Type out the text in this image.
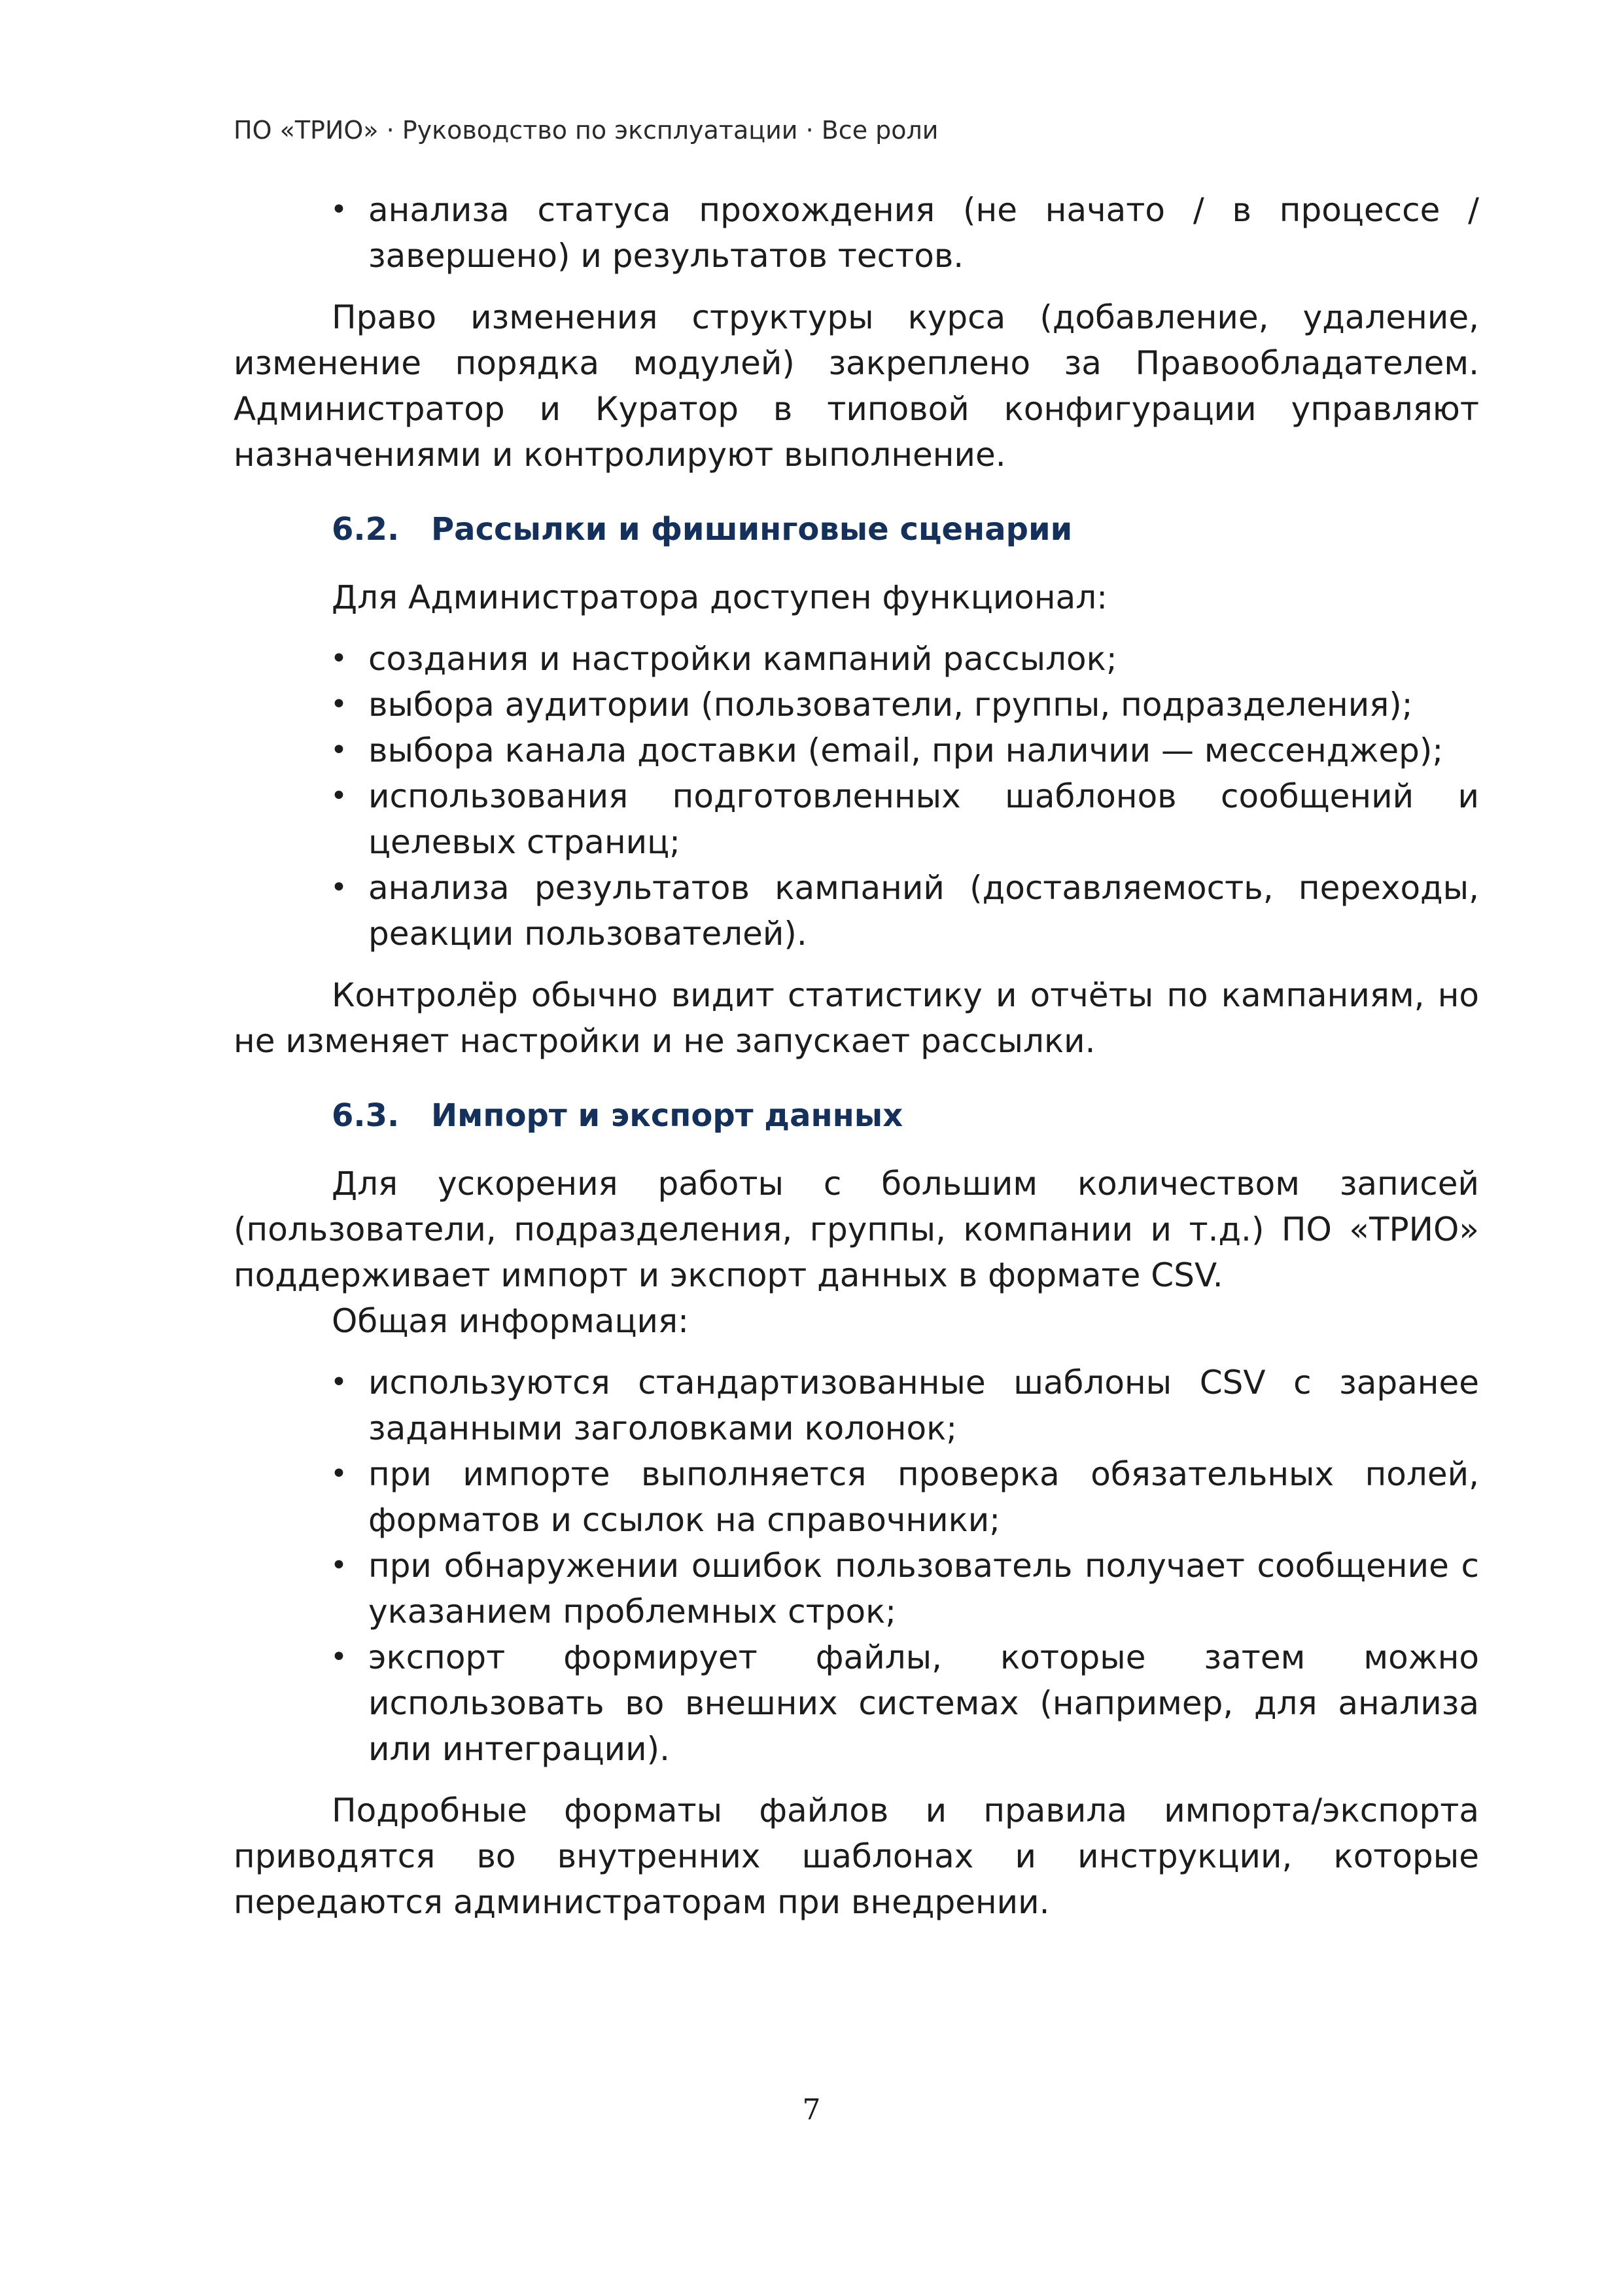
ПО «ТРИО» · Руководство по эксплуатации · Все роли
• анализа статуса прохождения (не начато / в процессе / завершено) и результатов тестов.

Право изменения структуры курса (добавление, удаление, изменение порядка модулей) закреплено за Правообладателем. Администратор и Куратор в типовой конфигурации управляют назначениями и контролируют выполнение.

6.2. Рассылки и фишинговые сценарии

Для Администратора доступен функционал:

• создания и настройки кампаний рассылок;
• выбора аудитории (пользователи, группы, подразделения);
• выбора канала доставки (email, при наличии — мессенджер);
• использования подготовленных шаблонов сообщений и целевых страниц;
• анализа результатов кампаний (доставляемость, переходы, реакции пользователей).

Контролёр обычно видит статистику и отчёты по кампаниям, но не изменяет настройки и не запускает рассылки.

6.3. Импорт и экспорт данных

Для ускорения работы с большим количеством записей (пользователи, подразделения, группы, компании и т.д.) ПО «ТРИО» поддерживает импорт и экспорт данных в формате CSV.

Общая информация:

• используются стандартизованные шаблоны CSV с заранее заданными заголовками колонок;
• при импорте выполняется проверка обязательных полей, форматов и ссылок на справочники;
• при обнаружении ошибок пользователь получает сообщение с указанием проблемных строк;
• экспорт формирует файлы, которые затем можно использовать во внешних системах (например, для анализа или интеграции).

Подробные форматы файлов и правила импорта/экспорта приводятся во внутренних шаблонах и инструкции, которые передаются администраторам при внедрении.

7
